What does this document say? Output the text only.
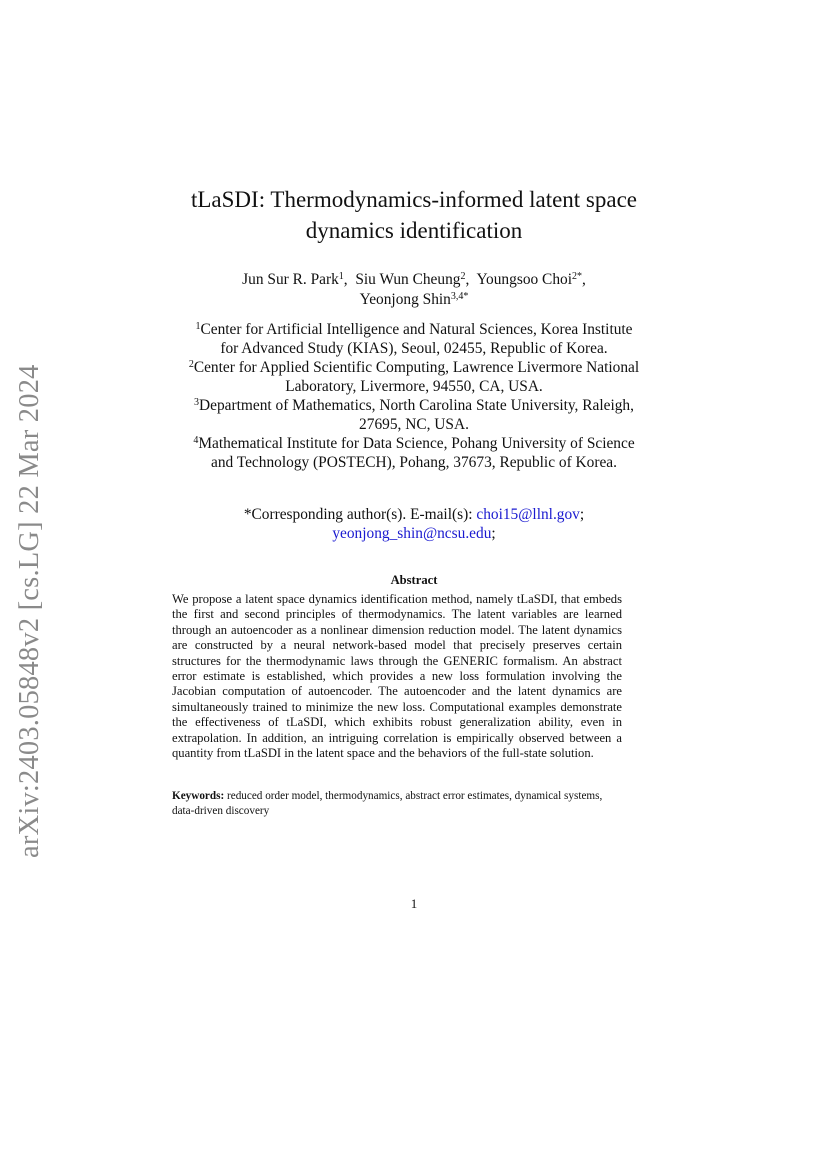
arXiv:2403.05848v2 [cs.LG] 22 Mar 2024
tLaSDI: Thermodynamics-informed latent space
dynamics identification
Jun Sur R. Park$^1$,  Siu Wun Cheung$^2$,  Youngsoo Choi$^{2*}$,
Yeonjong Shin$^{3,4*}$
$^1$Center for Artificial Intelligence and Natural Sciences, Korea Institute
for Advanced Study (KIAS), Seoul, 02455, Republic of Korea.
$^2$Center for Applied Scientific Computing, Lawrence Livermore National
Laboratory, Livermore, 94550, CA, USA.
$^3$Department of Mathematics, North Carolina State University, Raleigh,
27695, NC, USA.
$^4$Mathematical Institute for Data Science, Pohang University of Science
and Technology (POSTECH), Pohang, 37673, Republic of Korea.
*Corresponding author(s). E-mail(s): choi15@llnl.gov;
yeonjong_shin@ncsu.edu;
Abstract
We propose a latent space dynamics identification method, namely tLaSDI, that embeds the first and second principles of thermodynamics. The latent variables are learned through an autoencoder as a nonlinear dimension reduction model. The latent dynamics are constructed by a neural network-based model that precisely preserves certain structures for the thermodynamic laws through the GENERIC formalism. An abstract error estimate is established, which provides a new loss formulation involving the Jacobian computation of autoencoder. The autoencoder and the latent dynamics are simultaneously trained to minimize the new loss. Computational examples demonstrate the effectiveness of tLaSDI, which exhibits robust generalization ability, even in extrapolation. In addition, an intriguing correlation is empirically observed between a quantity from tLaSDI in the latent space and the behaviors of the full-state solution.
Keywords: reduced order model, thermodynamics, abstract error estimates, dynamical systems, data-driven discovery
1
